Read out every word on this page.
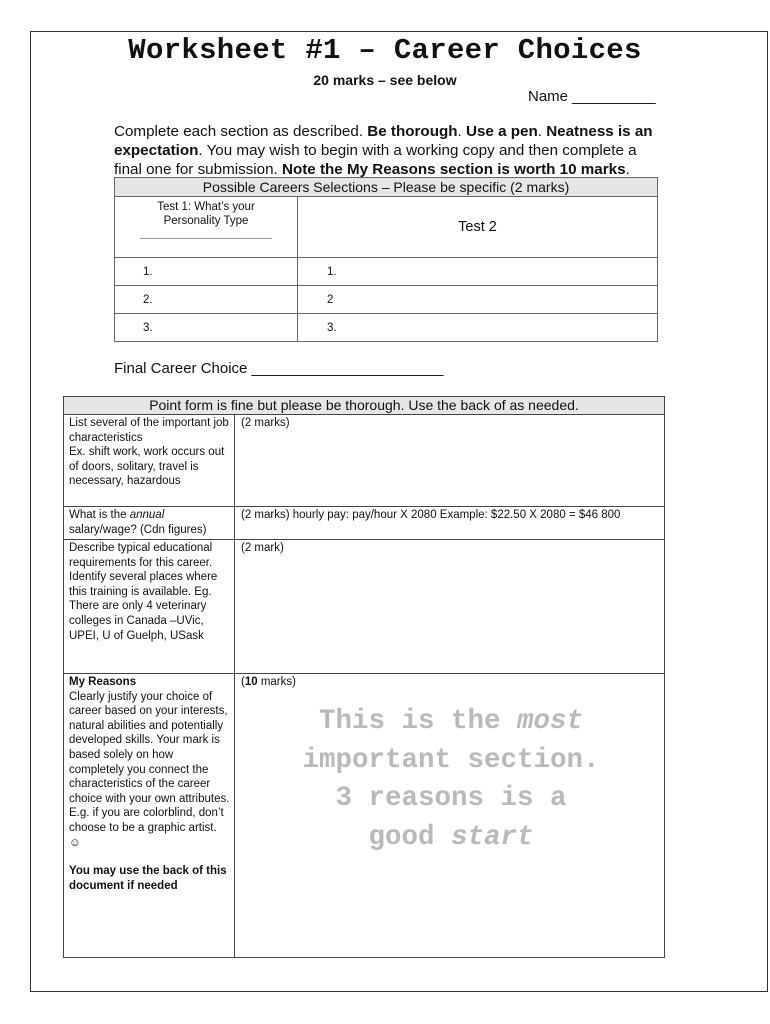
Worksheet #1 – Career Choices
20 marks – see below
Name __________
Complete each section as described. Be thorough. Use a pen. Neatness is an expectation. You may wish to begin with a working copy and then complete a final one for submission. Note the My Reasons section is worth 10 marks.
Possible Careers Selections – Please be specific (2 marks)	

Test 1: What’s your
Personality Type	Test 2
1.	1.
2.	2
3.	3.
Final Career Choice _______________________
Point form is fine but please be thorough. Use the back of as needed.	
List several of the important job characteristics
Ex. shift work, work occurs out of doors, solitary, travel is necessary, hazardous	(2 marks)
What is the annual salary/wage? (Cdn figures)	(2 marks) hourly pay: pay/hour X 2080 Example: $22.50 X 2080 = $46 800
Describe typical educational requirements for this career. Identify several places where this training is available. Eg. There are only 4 veterinary colleges in Canada –UVic, UPEI, U of Guelph, USask	(2 mark)
My Reasons
Clearly justify your choice of career based on your interests, natural abilities and potentially developed skills. Your mark is based solely on how completely you connect the characteristics of the career choice with your own attributes. E.g. if you are colorblind, don’t choose to be a graphic artist. ☺
You may use the back of this document if needed	(10 marks)
This is the most
important section.
3 reasons is a
good start
